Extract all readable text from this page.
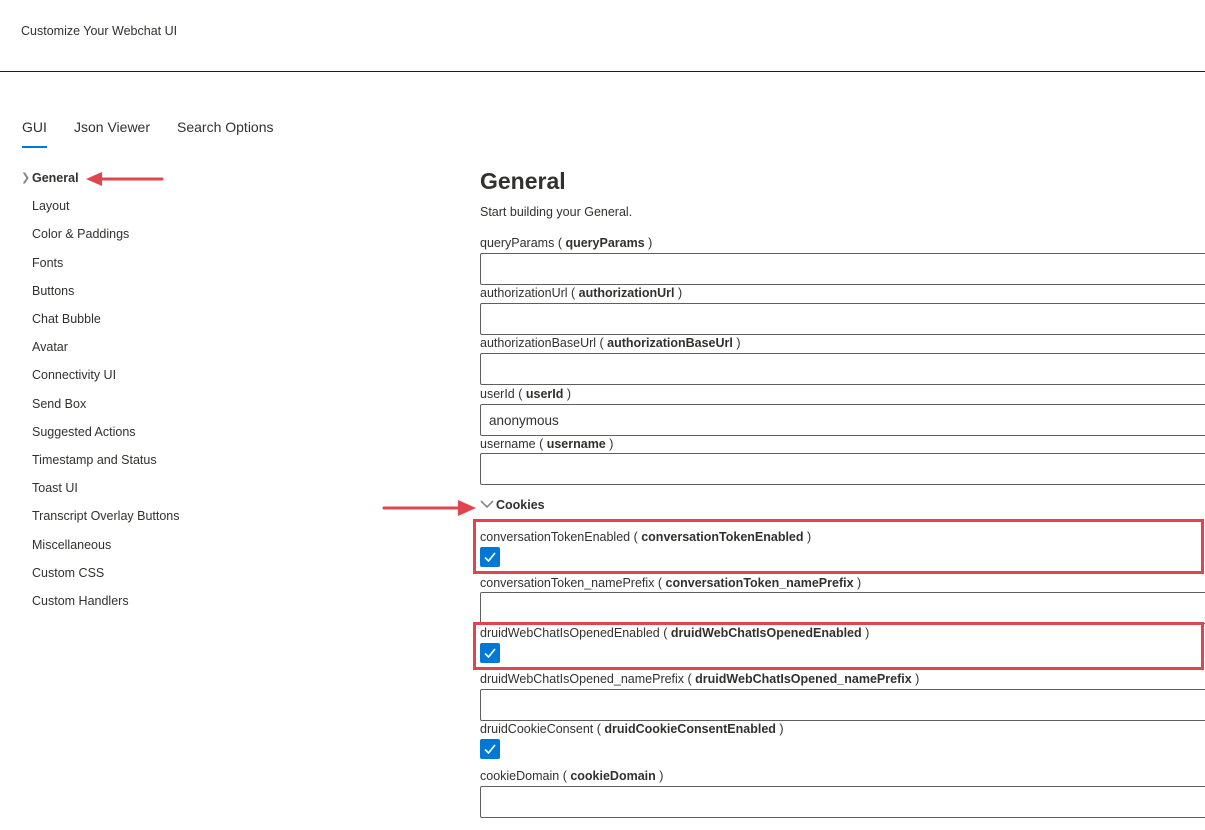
Customize Your Webchat UI
GUI Json Viewer Search Options
❯ General
Layout
Color & Paddings
Fonts
Buttons
Chat Bubble
Avatar
Connectivity UI
Send Box
Suggested Actions
Timestamp and Status
Toast UI
Transcript Overlay Buttons
Miscellaneous
Custom CSS
Custom Handlers
General
Start building your General.
queryParams ( queryParams )
authorizationUrl ( authorizationUrl )
authorizationBaseUrl ( authorizationBaseUrl )
userId ( userId )
anonymous
username ( username )
Cookies
conversationTokenEnabled ( conversationTokenEnabled )
conversationToken_namePrefix ( conversationToken_namePrefix )
druidWebChatIsOpenedEnabled ( druidWebChatIsOpenedEnabled )
druidWebChatIsOpened_namePrefix ( druidWebChatIsOpened_namePrefix )
druidCookieConsent ( druidCookieConsentEnabled )
cookieDomain ( cookieDomain )
